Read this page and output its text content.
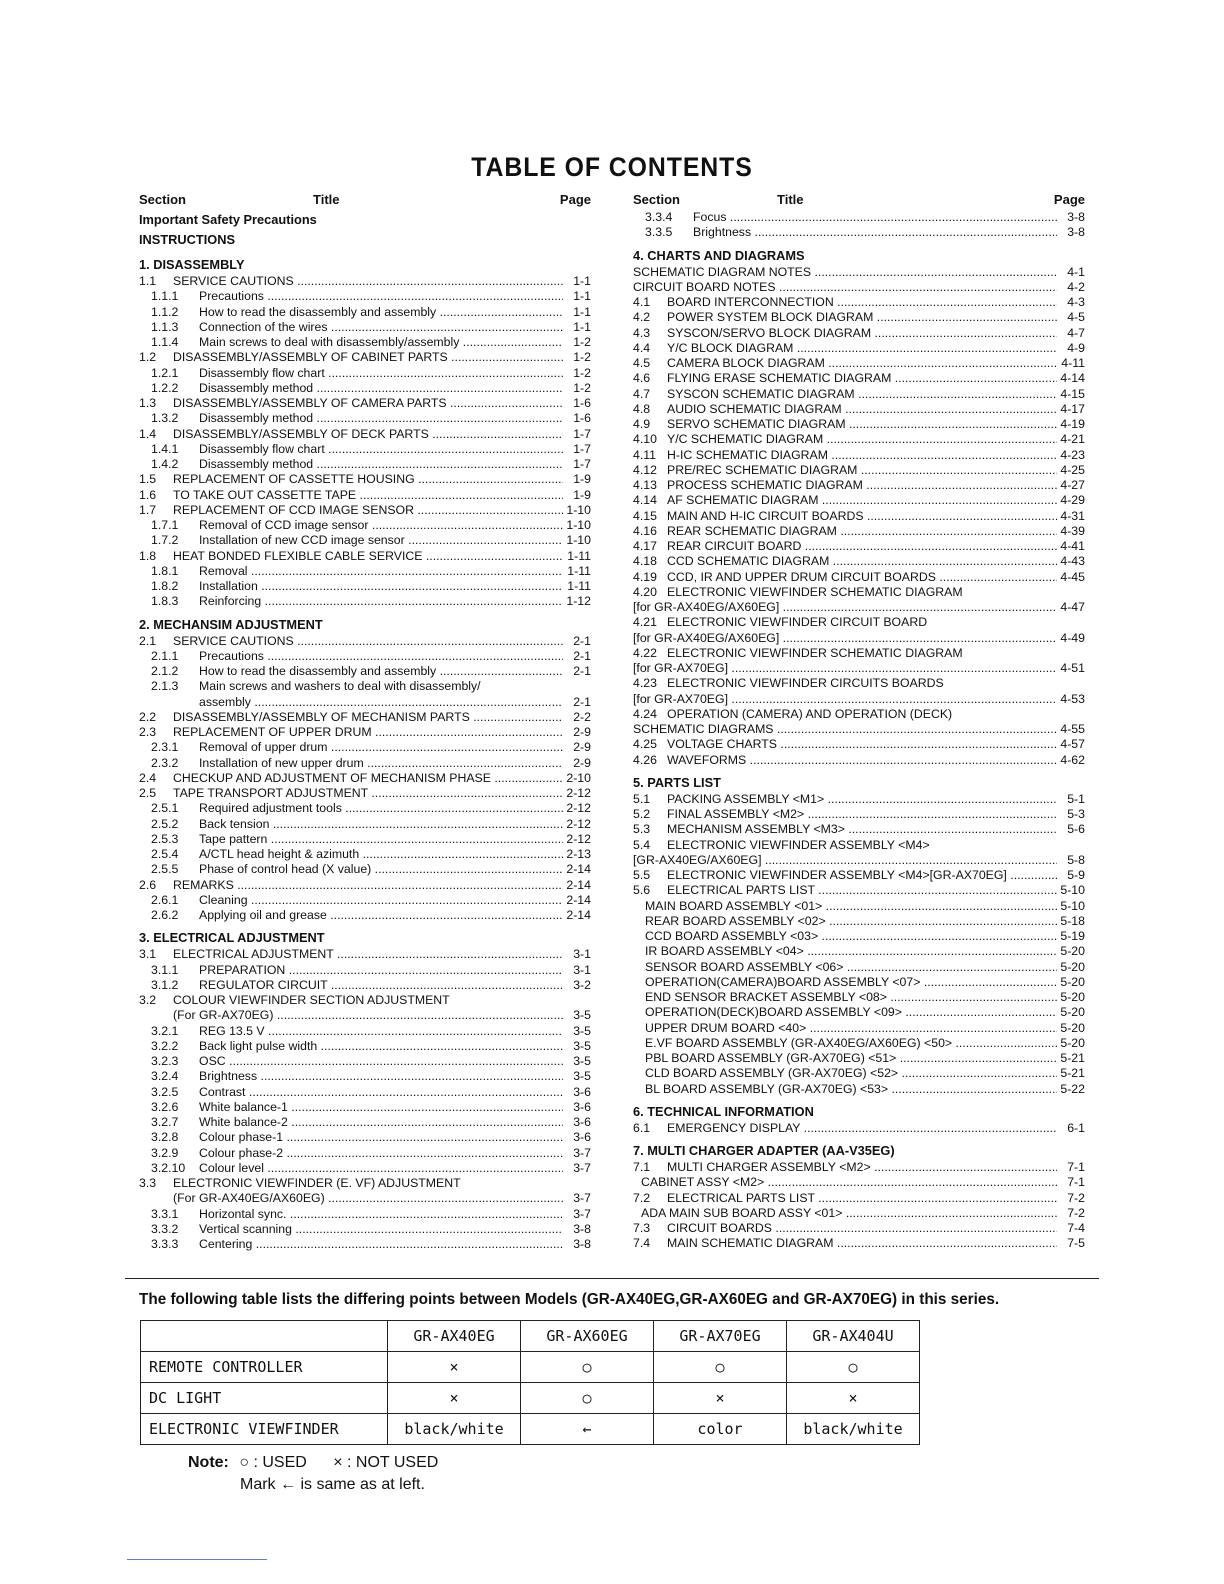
TABLE OF CONTENTS
Section	Title	Page
Important Safety Precautions
INSTRUCTIONS
1. DISASSEMBLY
1.1 SERVICE CAUTIONS .....	1-1
1.1.1 Precautions .....	1-1
1.1.2 How to read the disassembly and assembly .....	1-1
1.1.3 Connection of the wires .....	1-1
1.1.4 Main screws to deal with disassembly/assembly .....	1-2
1.2 DISASSEMBLY/ASSEMBLY OF CABINET PARTS .....	1-2
1.2.1 Disassembly flow chart .....	1-2
1.2.2 Disassembly method .....	1-2
1.3 DISASSEMBLY/ASSEMBLY OF CAMERA PARTS .....	1-6
1.3.2 Disassembly method .....	1-6
1.4 DISASSEMBLY/ASSEMBLY OF DECK PARTS .....	1-7
1.4.1 Disassembly flow chart .....	1-7
1.4.2 Disassembly method .....	1-7
1.5 REPLACEMENT OF CASSETTE HOUSING .....	1-9
1.6 TO TAKE OUT CASSETTE TAPE .....	1-9
1.7 REPLACEMENT OF CCD IMAGE SENSOR .....	1-10
1.7.1 Removal of CCD image sensor .....	1-10
1.7.2 Installation of new CCD image sensor .....	1-10
1.8 HEAT BONDED FLEXIBLE CABLE SERVICE .....	1-11
1.8.1 Removal .....	1-11
1.8.2 Installation .....	1-11
1.8.3 Reinforcing .....	1-12
2. MECHANSIM ADJUSTMENT
2.1 SERVICE CAUTIONS .....	2-1
2.1.1 Precautions .....	2-1
2.1.2 How to read the disassembly and assembly .....	2-1
2.1.3 Main screws and washers to deal with disassembly/
assembly .....	2-1
2.2 DISASSEMBLY/ASSEMBLY OF MECHANISM PARTS .....	2-2
2.3 REPLACEMENT OF UPPER DRUM .....	2-9
2.3.1 Removal of upper drum .....	2-9
2.3.2 Installation of new upper drum .....	2-9
2.4 CHECKUP AND ADJUSTMENT OF MECHANISM PHASE .....	2-10
2.5 TAPE TRANSPORT ADJUSTMENT .....	2-12
2.5.1 Required adjustment tools .....	2-12
2.5.2 Back tension .....	2-12
2.5.3 Tape pattern .....	2-12
2.5.4 A/CTL head height & azimuth .....	2-13
2.5.5 Phase of control head (X value) .....	2-14
2.6 REMARKS .....	2-14
2.6.1 Cleaning .....	2-14
2.6.2 Applying oil and grease .....	2-14
3. ELECTRICAL ADJUSTMENT
3.1 ELECTRICAL ADJUSTMENT .....	3-1
3.1.1 PREPARATION .....	3-1
3.1.2 REGULATOR CIRCUIT .....	3-2
3.2 COLOUR VIEWFINDER SECTION ADJUSTMENT
(For GR-AX70EG) .....	3-5
3.2.1 REG 13.5 V .....	3-5
3.2.2 Back light pulse width .....	3-5
3.2.3 OSC .....	3-5
3.2.4 Brightness .....	3-5
3.2.5 Contrast .....	3-6
3.2.6 White balance-1 .....	3-6
3.2.7 White balance-2 .....	3-6
3.2.8 Colour phase-1 .....	3-6
3.2.9 Colour phase-2 .....	3-7
3.2.10 Colour level .....	3-7
3.3 ELECTRONIC VIEWFINDER (E. VF) ADJUSTMENT
(For GR-AX40EG/AX60EG) .....	3-7
3.3.1 Horizontal sync. .....	3-7
3.3.2 Vertical scanning .....	3-8
3.3.3 Centering .....	3-8
Section	Title	Page
3.3.4 Focus .....	3-8
3.3.5 Brightness .....	3-8
4. CHARTS AND DIAGRAMS
SCHEMATIC DIAGRAM NOTES .....	4-1
CIRCUIT BOARD NOTES .....	4-2
4.1 BOARD INTERCONNECTION .....	4-3
4.2 POWER SYSTEM BLOCK DIAGRAM .....	4-5
4.3 SYSCON/SERVO BLOCK DIAGRAM .....	4-7
4.4 Y/C BLOCK DIAGRAM .....	4-9
4.5 CAMERA BLOCK DIAGRAM .....	4-11
4.6 FLYING ERASE SCHEMATIC DIAGRAM .....	4-14
4.7 SYSCON SCHEMATIC DIAGRAM .....	4-15
4.8 AUDIO SCHEMATIC DIAGRAM .....	4-17
4.9 SERVO SCHEMATIC DIAGRAM .....	4-19
4.10 Y/C SCHEMATIC DIAGRAM .....	4-21
4.11 H-IC SCHEMATIC DIAGRAM .....	4-23
4.12 PRE/REC SCHEMATIC DIAGRAM .....	4-25
4.13 PROCESS SCHEMATIC DIAGRAM .....	4-27
4.14 AF SCHEMATIC DIAGRAM .....	4-29
4.15 MAIN AND H-IC CIRCUIT BOARDS .....	4-31
4.16 REAR SCHEMATIC DIAGRAM .....	4-39
4.17 REAR CIRCUIT BOARD .....	4-41
4.18 CCD SCHEMATIC DIAGRAM .....	4-43
4.19 CCD, IR AND UPPER DRUM CIRCUIT BOARDS .....	4-45
4.20 ELECTRONIC VIEWFINDER SCHEMATIC DIAGRAM
[for GR-AX40EG/AX60EG] .....	4-47
4.21 ELECTRONIC VIEWFINDER CIRCUIT BOARD
[for GR-AX40EG/AX60EG] .....	4-49
4.22 ELECTRONIC VIEWFINDER SCHEMATIC DIAGRAM
[for GR-AX70EG] .....	4-51
4.23 ELECTRONIC VIEWFINDER CIRCUITS BOARDS
[for GR-AX70EG] .....	4-53
4.24 OPERATION (CAMERA) AND OPERATION (DECK)
SCHEMATIC DIAGRAMS .....	4-55
4.25 VOLTAGE CHARTS .....	4-57
4.26 WAVEFORMS .....	4-62
5. PARTS LIST
5.1 PACKING ASSEMBLY <M1> .....	5-1
5.2 FINAL ASSEMBLY <M2> .....	5-3
5.3 MECHANISM ASSEMBLY <M3> .....	5-6
5.4 ELECTRONIC VIEWFINDER ASSEMBLY <M4>
[GR-AX40EG/AX60EG] .....	5-8
5.5 ELECTRONIC VIEWFINDER ASSEMBLY <M4>[GR-AX70EG] .....	5-9
5.6 ELECTRICAL PARTS LIST .....	5-10
MAIN BOARD ASSEMBLY <01> .....	5-10
REAR BOARD ASSEMBLY <02> .....	5-18
CCD BOARD ASSEMBLY <03> .....	5-19
IR BOARD ASSEMBLY <04> .....	5-20
SENSOR BOARD ASSEMBLY <06> .....	5-20
OPERATION(CAMERA)BOARD ASSEMBLY <07> .....	5-20
END SENSOR BRACKET ASSEMBLY <08> .....	5-20
OPERATION(DECK)BOARD ASSEMBLY <09> .....	5-20
UPPER DRUM BOARD <40> .....	5-20
E.VF BOARD ASSEMBLY (GR-AX40EG/AX60EG) <50> .....	5-20
PBL BOARD ASSEMBLY (GR-AX70EG) <51> .....	5-21
CLD BOARD ASSEMBLY (GR-AX70EG) <52> .....	5-21
BL BOARD ASSEMBLY (GR-AX70EG) <53> .....	5-22
6. TECHNICAL INFORMATION
6.1 EMERGENCY DISPLAY .....	6-1
7. MULTI CHARGER ADAPTER (AA-V35EG)
7.1 MULTI CHARGER ASSEMBLY <M2> .....	7-1
CABINET ASSY <M2> .....	7-1
7.2 ELECTRICAL PARTS LIST .....	7-2
ADA MAIN SUB BOARD ASSY <01> .....	7-2
7.3 CIRCUIT BOARDS .....	7-4
7.4 MAIN SCHEMATIC DIAGRAM .....	7-5
The following table lists the differing points between Models (GR-AX40EG,GR-AX60EG and GR-AX70EG) in this series.
	GR-AX40EG	GR-AX60EG	GR-AX70EG	GR-AX404U
REMOTE CONTROLLER	×	○	○	○
DC LIGHT	×	○	×	×
ELECTRONIC VIEWFINDER	black/white	←	color	black/white
Note: ○ : USED × : NOT USED
Mark ← is same as at left.
